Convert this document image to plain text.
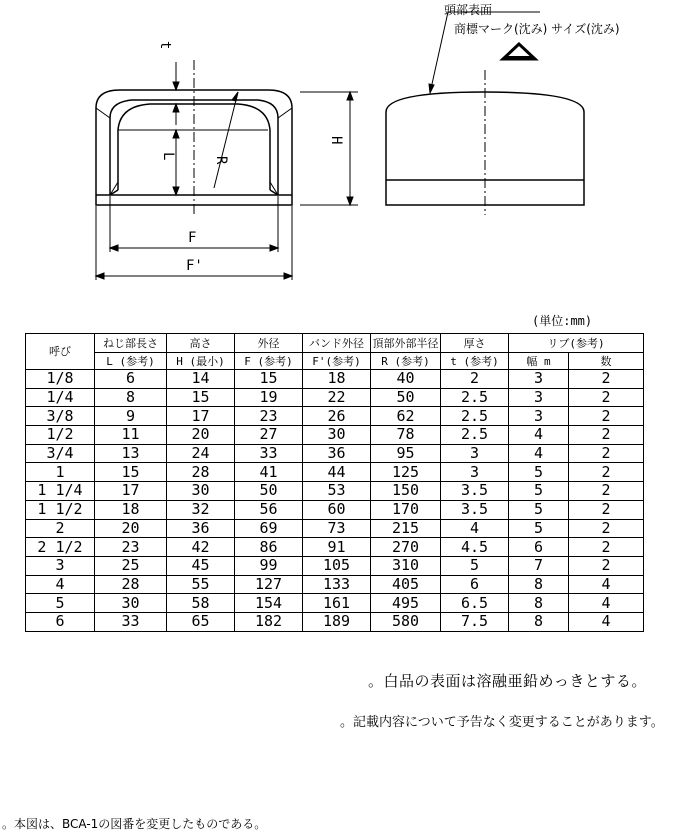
t
L	R
F
F'
H
頭部表面
商標マーク(沈み) サイズ(沈み)
(単位:mm)
呼び	ねじ部長さ	高さ	外径	バンド外径	頂部外部半径	厚さ	リブ(参考)	
	L (参考)	H (最小)	F (参考)	F'(参考)	R (参考)	t (参考)	幅 m	数
1/8	6	14	15	18	40	2	3	2
1/4	8	15	19	22	50	2.5	3	2
3/8	9	17	23	26	62	2.5	3	2
1/2	11	20	27	30	78	2.5	4	2
3/4	13	24	33	36	95	3	4	2
1	15	28	41	44	125	3	5	2
1 1/4	17	30	50	53	150	3.5	5	2
1 1/2	18	32	56	60	170	3.5	5	2
2	20	36	69	73	215	4	5	2
2 1/2	23	42	86	91	270	4.5	6	2
3	25	45	99	105	310	5	7	2
4	28	55	127	133	405	6	8	4
5	30	58	154	161	495	6.5	8	4
6	33	65	182	189	580	7.5	8	4
。白品の表面は溶融亜鉛めっきとする。
。記載内容について予告なく変更することがあります。
。本図は、BCA-1の図番を変更したものである。
